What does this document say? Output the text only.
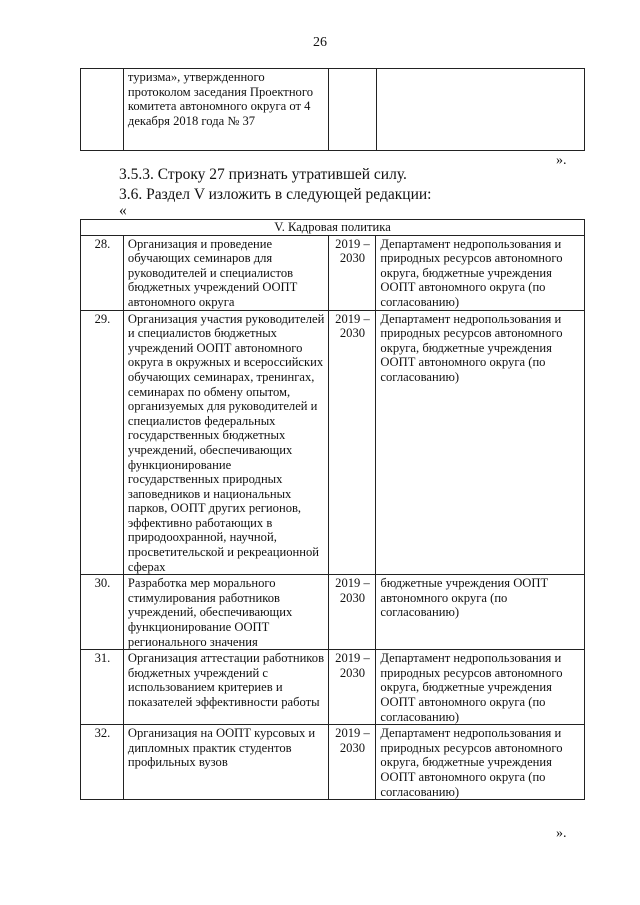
26
	туризма», утвержденного протоколом заседания Проектного комитета автономного округа от 4 декабря 2018 года № 37		
».
3.5.3. Строку 27 признать утратившей силу.
3.6. Раздел V изложить в следующей редакции:
«
V. Кадровая политика			
28.	Организация и проведение обучающих семинаров для руководителей и специалистов бюджетных учреждений ООПТ автономного округа	2019 – 2030	Департамент недропользования и природных ресурсов автономного округа, бюджетные учреждения ООПТ автономного округа (по согласованию)
29.	Организация участия руководителей и специалистов бюджетных учреждений ООПТ автономного округа в окружных и всероссийских обучающих семинарах, тренингах, семинарах по обмену опытом, организуемых для руководителей и специалистов федеральных государственных бюджетных учреждений, обеспечивающих функционирование государственных природных заповедников и национальных парков, ООПТ других регионов, эффективно работающих в природоохранной, научной, просветительской и рекреационной сферах	2019 – 2030	Департамент недропользования и природных ресурсов автономного округа, бюджетные учреждения ООПТ автономного округа (по согласованию)
30.	Разработка мер морального стимулирования работников учреждений, обеспечивающих функционирование ООПТ регионального значения	2019 – 2030	бюджетные учреждения ООПТ автономного округа (по согласованию)
31.	Организация аттестации работников бюджетных учреждений с использованием критериев и показателей эффективности работы	2019 – 2030	Департамент недропользования и природных ресурсов автономного округа, бюджетные учреждения ООПТ автономного округа (по согласованию)
32.	Организация на ООПТ курсовых и дипломных практик студентов профильных вузов	2019 – 2030	Департамент недропользования и природных ресурсов автономного округа, бюджетные учреждения ООПТ автономного округа (по согласованию)
».
